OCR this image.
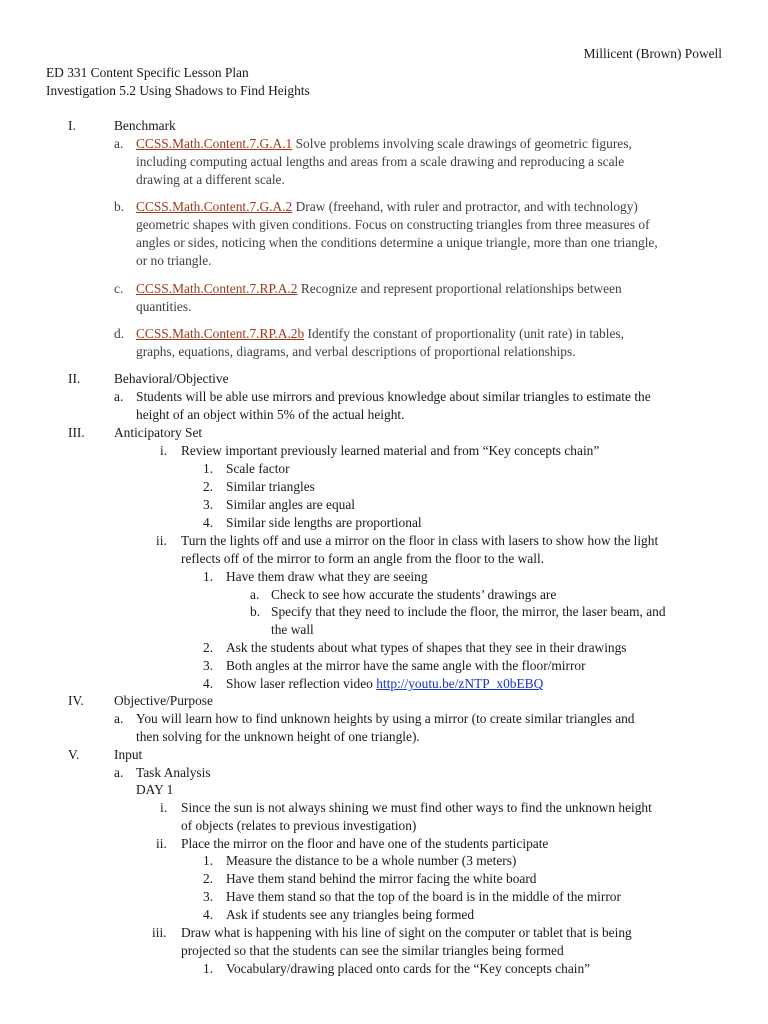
Millicent (Brown) Powell
ED 331 Content Specific Lesson Plan
Investigation 5.2 Using Shadows to Find Heights
I.	Benchmark
a. CCSS.Math.Content.7.G.A.1 Solve problems involving scale drawings of geometric figures,
including computing actual lengths and areas from a scale drawing and reproducing a scale
drawing at a different scale.
b. CCSS.Math.Content.7.G.A.2 Draw (freehand, with ruler and protractor, and with technology)
geometric shapes with given conditions. Focus on constructing triangles from three measures of
angles or sides, noticing when the conditions determine a unique triangle, more than one triangle,
or no triangle.
c. CCSS.Math.Content.7.RP.A.2 Recognize and represent proportional relationships between
quantities.
d. CCSS.Math.Content.7.RP.A.2b Identify the constant of proportionality (unit rate) in tables,
graphs, equations, diagrams, and verbal descriptions of proportional relationships.
II.	Behavioral/Objective
a. Students will be able use mirrors and previous knowledge about similar triangles to estimate the
height of an object within 5% of the actual height.
III. Anticipatory Set
i. Review important previously learned material and from “Key concepts chain”
1. Scale factor
2. Similar triangles
3. Similar angles are equal
4. Similar side lengths are proportional
ii. Turn the lights off and use a mirror on the floor in class with lasers to show how the light
reflects off of the mirror to form an angle from the floor to the wall.
1. Have them draw what they are seeing
a. Check to see how accurate the students’ drawings are
b. Specify that they need to include the floor, the mirror, the laser beam, and
the wall
2. Ask the students about what types of shapes that they see in their drawings
3. Both angles at the mirror have the same angle with the floor/mirror
4. Show laser reflection video http://youtu.be/zNTP_x0bEBQ
IV. Objective/Purpose
a. You will learn how to find unknown heights by using a mirror (to create similar triangles and
then solving for the unknown height of one triangle).
V.	Input
a. Task Analysis
DAY 1
i. Since the sun is not always shining we must find other ways to find the unknown height
of objects (relates to previous investigation)
ii. Place the mirror on the floor and have one of the students participate
1. Measure the distance to be a whole number (3 meters)
2. Have them stand behind the mirror facing the white board
3. Have them stand so that the top of the board is in the middle of the mirror
4. Ask if students see any triangles being formed
iii. Draw what is happening with his line of sight on the computer or tablet that is being
projected so that the students can see the similar triangles being formed
1. Vocabulary/drawing placed onto cards for the “Key concepts chain”
